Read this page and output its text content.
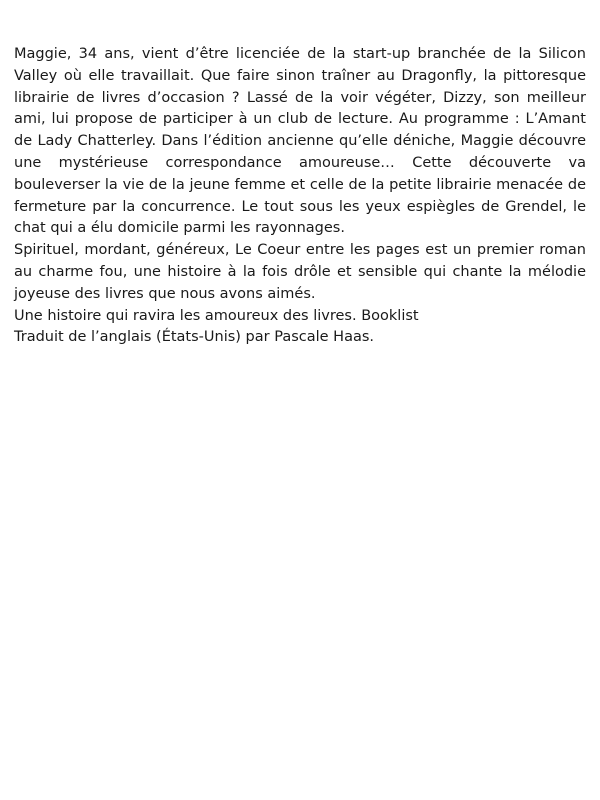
Maggie, 34 ans, vient d’être licenciée de la start-up branchée de la Silicon Valley où elle travaillait. Que faire sinon traîner au Dragonfly, la pittoresque librairie de livres d’occasion ? Lassé de la voir végéter, Dizzy, son meilleur ami, lui propose de participer à un club de lecture. Au programme : L’Amant de Lady Chatterley. Dans l’édition ancienne qu’elle déniche, Maggie découvre une mystérieuse correspondance amoureuse… Cette découverte va bouleverser la vie de la jeune femme et celle de la petite librairie menacée de fermeture par la concurrence. Le tout sous les yeux espiègles de Grendel, le chat qui a élu domicile parmi les rayonnages.

Spirituel, mordant, généreux, Le Coeur entre les pages est un premier roman au charme fou, une histoire à la fois drôle et sensible qui chante la mélodie joyeuse des livres que nous avons aimés.

Une histoire qui ravira les amoureux des livres. Booklist

Traduit de l’anglais (États-Unis) par Pascale Haas.
